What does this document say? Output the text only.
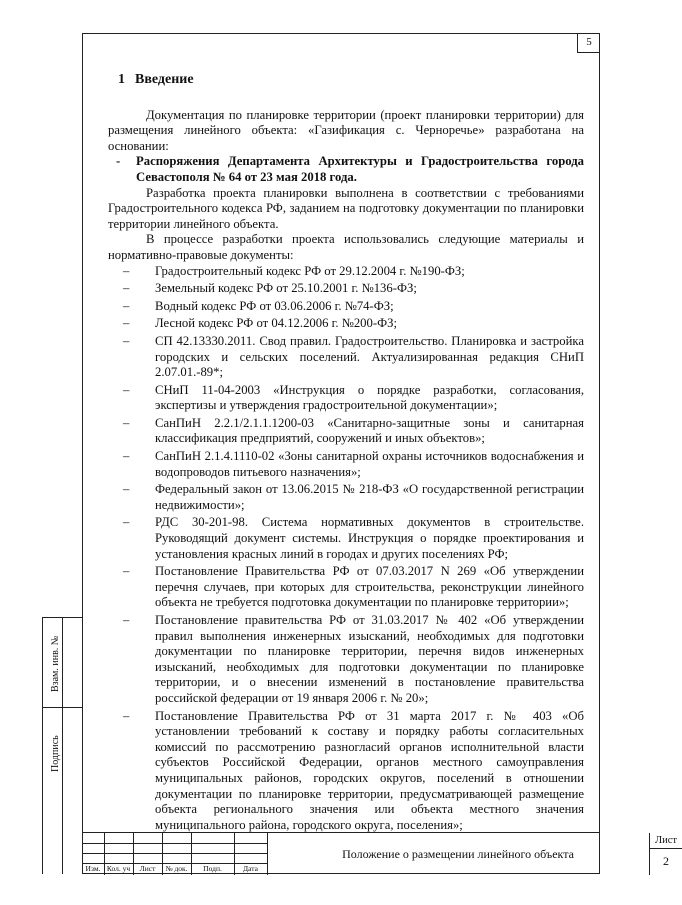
5
Взам. инв. №
Подпись
1 Введение

Документация по планировке территории (проект планировки территории) для размещения линейного объекта: «Газификация с. Черноречье» разработана на основании:

- Распоряжения Департамента Архитектуры и Градостроительства города Севастополя № 64 от 23 мая 2018 года.

Разработка проекта планировки выполнена в соответствии с требованиями Градостроительного кодекса РФ, заданием на подготовку документации по планировки территории линейного объекта.

В процессе разработки проекта использовались следующие материалы и нормативно-правовые документы:

– Градостроительный кодекс РФ от 29.12.2004 г. №190-ФЗ;
– Земельный кодекс РФ от 25.10.2001 г. №136-ФЗ;
– Водный кодекс РФ от 03.06.2006 г. №74-ФЗ;
– Лесной кодекс РФ от 04.12.2006 г. №200-ФЗ;
– СП 42.13330.2011. Свод правил. Градостроительство. Планировка и застройка городских и сельских поселений. Актуализированная редакция СНиП 2.07.01.-89*;
– СНиП 11-04-2003 «Инструкция о порядке разработки, согласования, экспертизы и утверждения градостроительной документации»;
– СанПиН 2.2.1/2.1.1.1200-03 «Санитарно-защитные зоны и санитарная классификация предприятий, сооружений и иных объектов»;
– СанПиН 2.1.4.1110-02 «Зоны санитарной охраны источников водоснабжения и водопроводов питьевого назначения»;
– Федеральный закон от 13.06.2015 № 218-ФЗ «О государственной регистрации недвижимости»;
– РДС 30-201-98. Система нормативных документов в строительстве. Руководящий документ системы. Инструкция о порядке проектирования и установления красных линий в городах и других поселениях РФ;
– Постановление Правительства РФ от 07.03.2017 N 269 «Об утверждении перечня случаев, при которых для строительства, реконструкции линейного объекта не требуется подготовка документации по планировке территории»;
– Постановление правительства РФ от 31.03.2017 № 402 «Об утверждении правил выполнения инженерных изысканий, необходимых для подготовки документации по планировке территории, перечня видов инженерных изысканий, необходимых для подготовки документации по планировке территории, и о внесении изменений в постановление правительства российской федерации от 19 января 2006 г. № 20»;
– Постановление Правительства РФ от 31 марта 2017 г. № 403 «Об установлении требований к составу и порядку работы согласительных комиссий по рассмотрению разногласий органов исполнительной власти субъектов Российской Федерации, органов местного самоуправления муниципальных районов, городских округов, поселений в отношении документации по планировке территории, предусматривающей размещение объекта регионального значения или объекта местного значения муниципального района, городского округа, поселения»;
Изм. Кол. уч	Лист	№ док.	Подп.	Дата
Положение о размещении линейного объекта
Лист
2
